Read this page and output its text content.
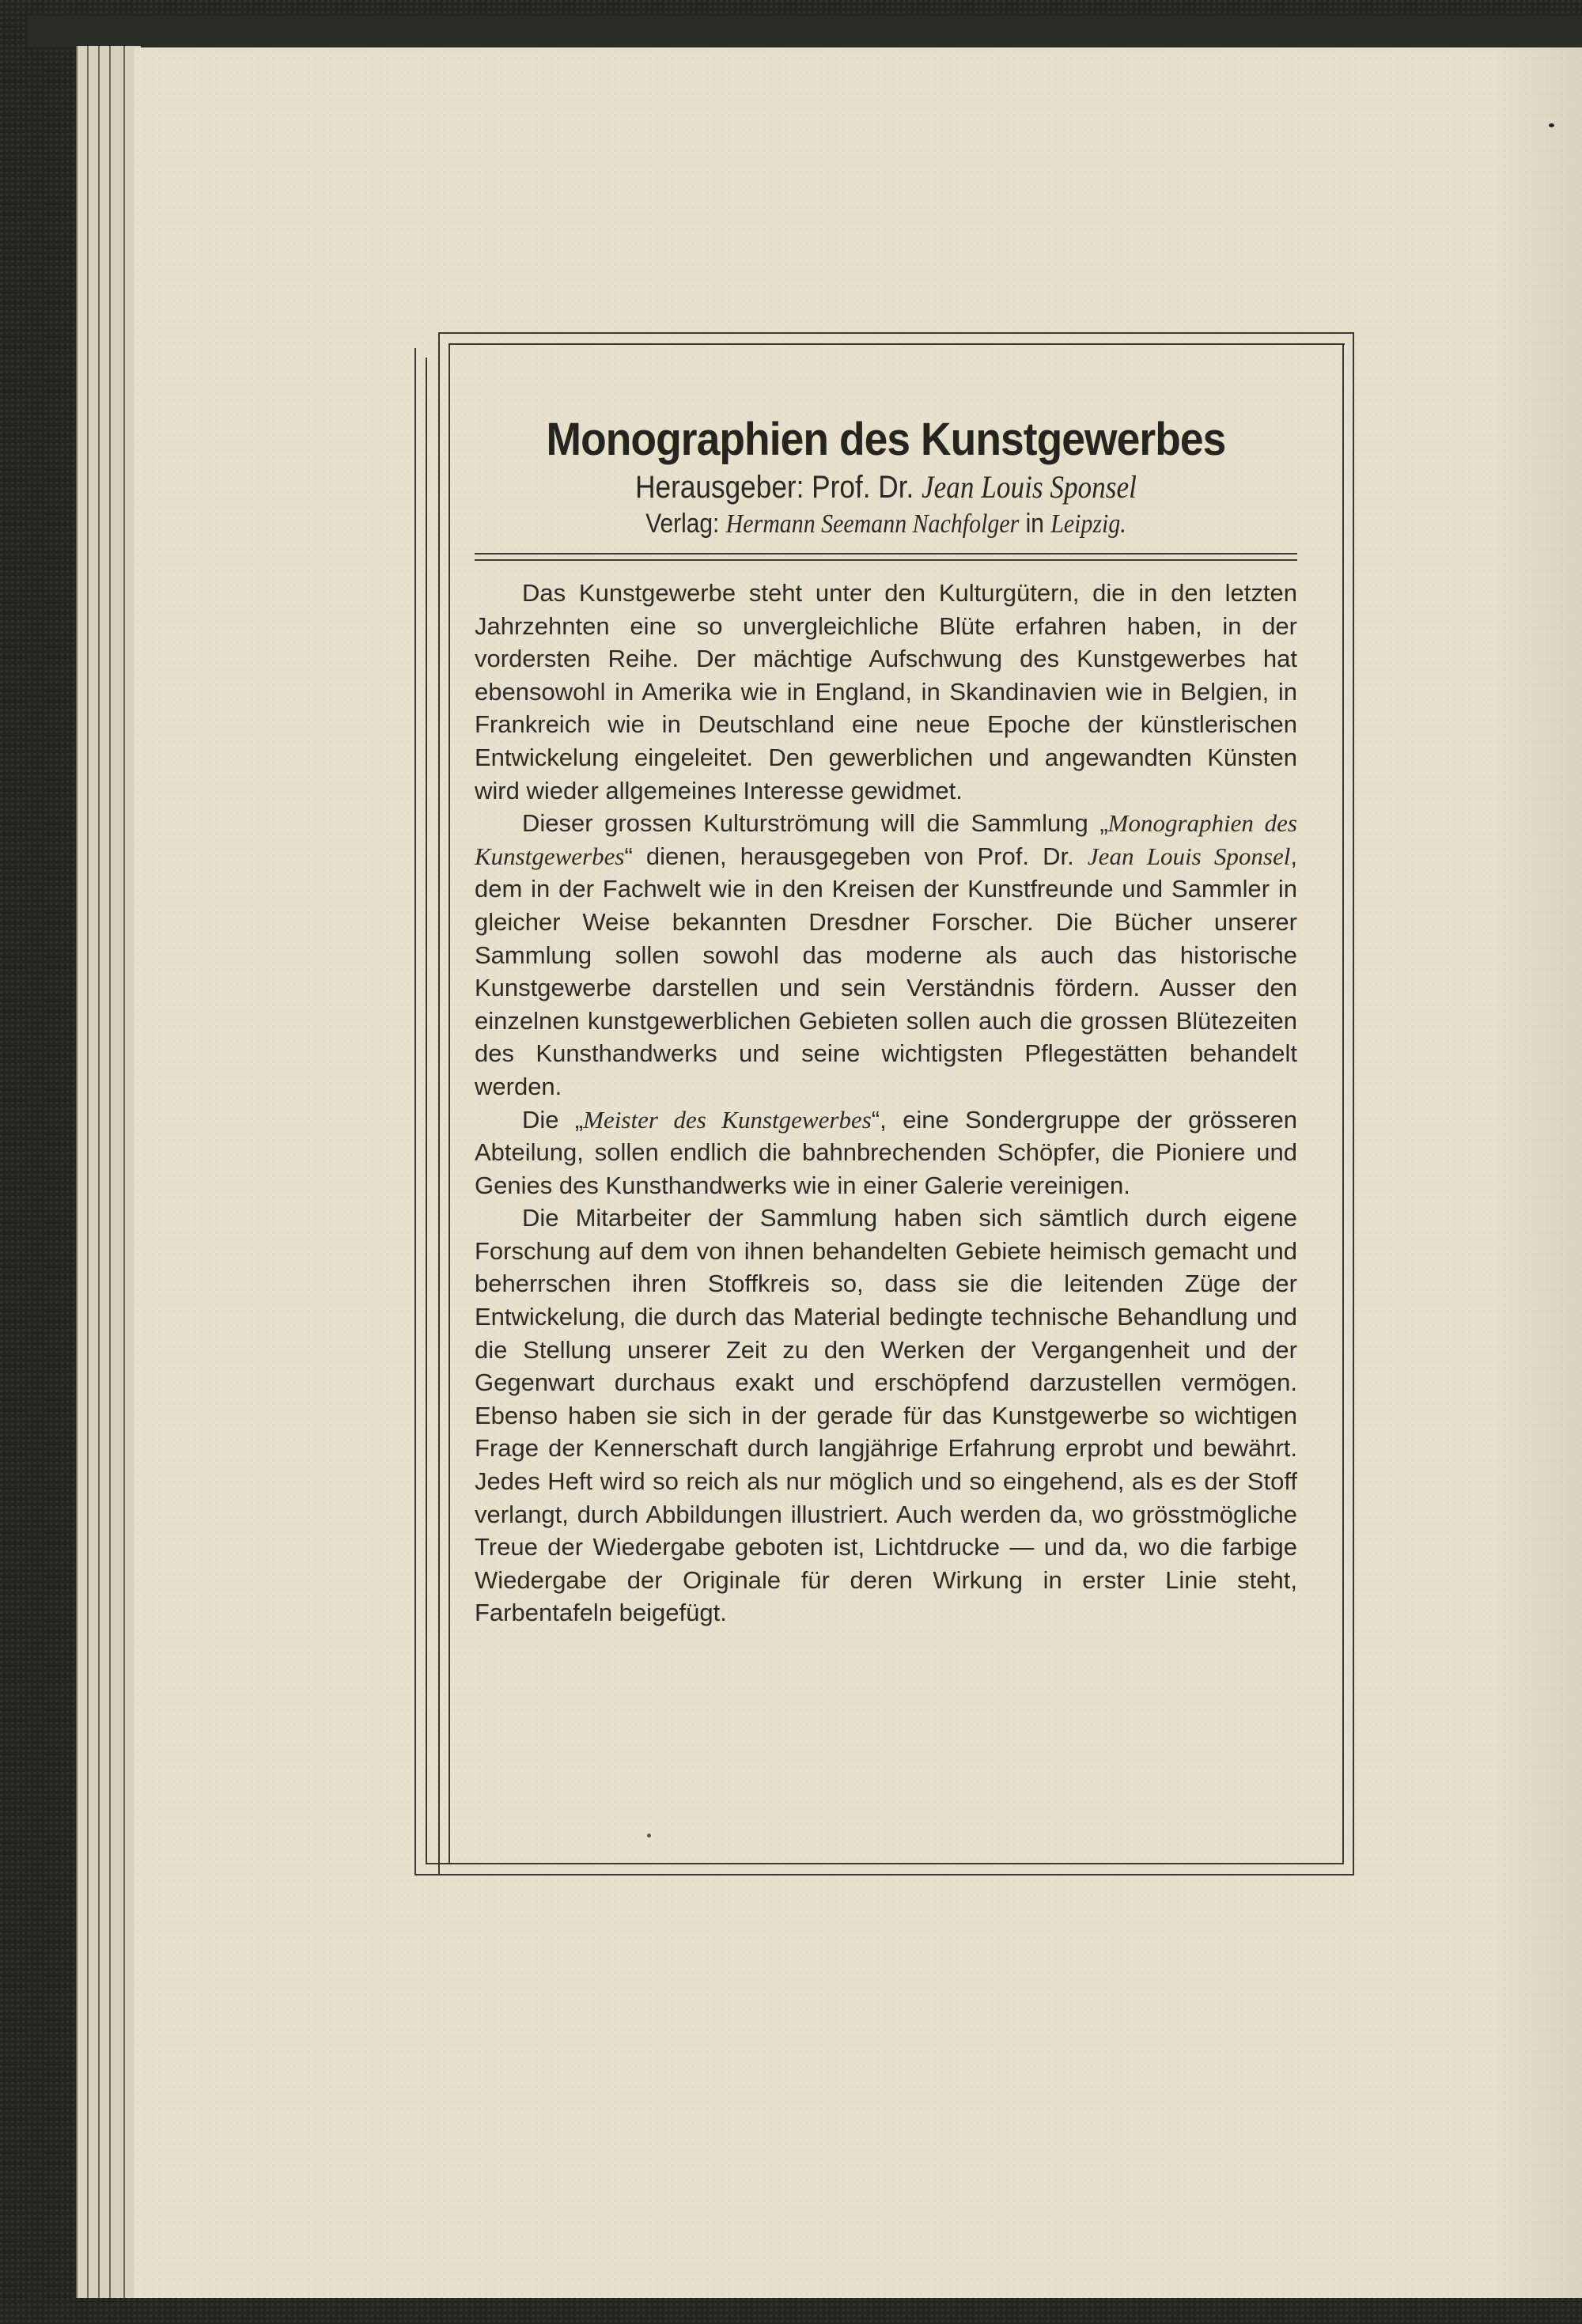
Monographien des Kunstgewerbes

Herausgeber: Prof. Dr. Jean Louis Sponsel

Verlag: Hermann Seemann Nachfolger in Leipzig.

Das Kunstgewerbe steht unter den Kulturgütern, die in den letzten Jahrzehnten eine so unvergleichliche Blüte erfahren haben, in der vordersten Reihe. Der mächtige Aufschwung des Kunstgewerbes hat ebensowohl in Amerika wie in England, in Skandinavien wie in Belgien, in Frankreich wie in Deutschland eine neue Epoche der künstlerischen Entwickelung eingeleitet. Den gewerblichen und angewandten Künsten wird wieder allgemeines Interesse gewidmet.

Dieser grossen Kulturströmung will die Sammlung „Monographien des Kunstgewerbes“ dienen, herausgegeben von Prof. Dr. Jean Louis Sponsel, dem in der Fachwelt wie in den Kreisen der Kunstfreunde und Sammler in gleicher Weise bekannten Dresdner Forscher. Die Bücher unserer Sammlung sollen sowohl das moderne als auch das historische Kunstgewerbe darstellen und sein Verständnis fördern. Ausser den einzelnen kunstgewerblichen Gebieten sollen auch die grossen Blütezeiten des Kunsthandwerks und seine wichtigsten Pflegestätten behandelt werden.

Die „Meister des Kunstgewerbes“, eine Sondergruppe der grösseren Abteilung, sollen endlich die bahnbrechenden Schöpfer, die Pioniere und Genies des Kunsthandwerks wie in einer Galerie vereinigen.

Die Mitarbeiter der Sammlung haben sich sämtlich durch eigene Forschung auf dem von ihnen behandelten Gebiete heimisch gemacht und beherrschen ihren Stoffkreis so, dass sie die leitenden Züge der Entwickelung, die durch das Material bedingte technische Behandlung und die Stellung unserer Zeit zu den Werken der Vergangenheit und der Gegenwart durchaus exakt und erschöpfend darzustellen vermögen. Ebenso haben sie sich in der gerade für das Kunstgewerbe so wichtigen Frage der Kennerschaft durch langjährige Erfahrung erprobt und bewährt. Jedes Heft wird so reich als nur möglich und so eingehend, als es der Stoff verlangt, durch Abbildungen illustriert. Auch werden da, wo grösstmögliche Treue der Wiedergabe geboten ist, Lichtdrucke — und da, wo die farbige Wiedergabe der Originale für deren Wirkung in erster Linie steht, Farbentafeln beigefügt.
